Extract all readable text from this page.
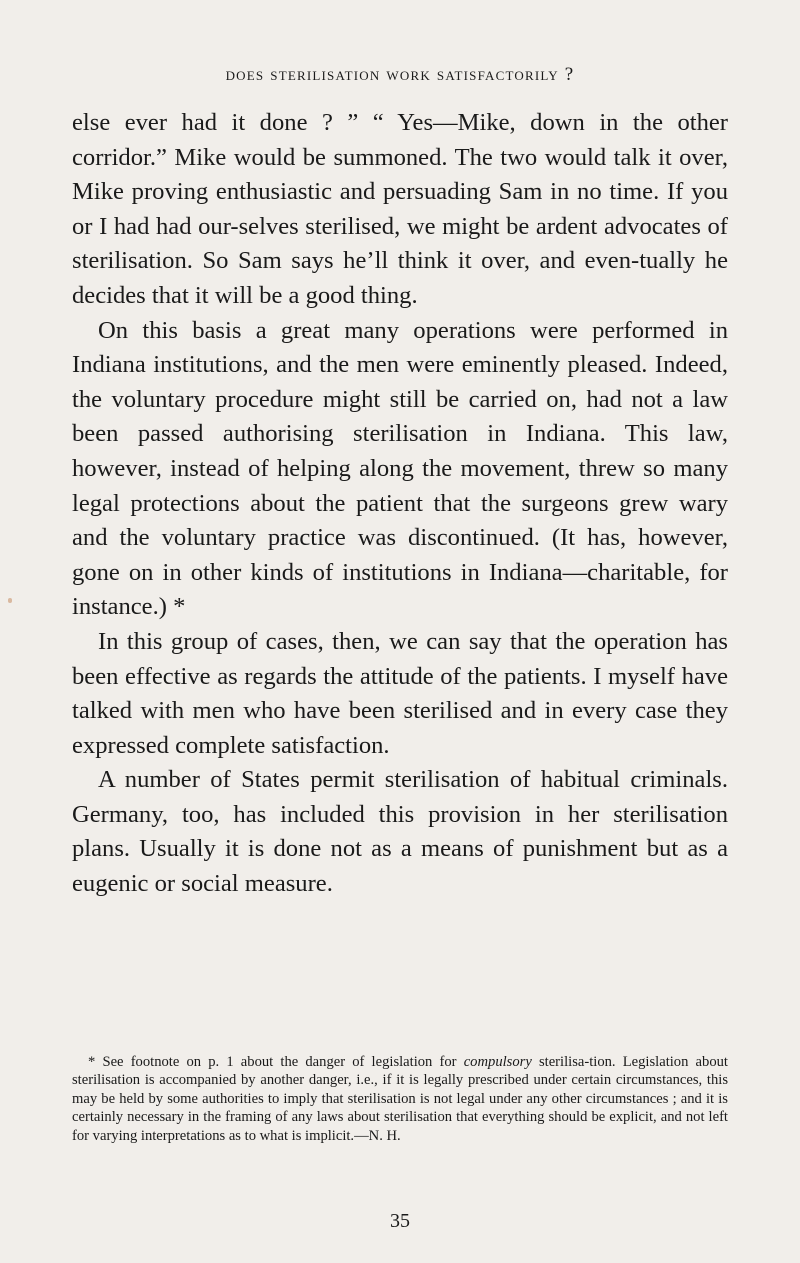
does sterilisation work satisfactorily ?

else ever had it done ? ” “ Yes—Mike, down in the other corridor.” Mike would be summoned. The two would talk it over, Mike proving enthusiastic and persuading Sam in no time. If you or I had had our-selves sterilised, we might be ardent advocates of sterilisation. So Sam says he’ll think it over, and even-tually he decides that it will be a good thing.

On this basis a great many operations were performed in Indiana institutions, and the men were eminently pleased. Indeed, the voluntary procedure might still be carried on, had not a law been passed authorising sterilisation in Indiana. This law, however, instead of helping along the movement, threw so many legal protections about the patient that the surgeons grew wary and the voluntary practice was discontinued. (It has, however, gone on in other kinds of institutions in Indiana—charitable, for instance.) *

In this group of cases, then, we can say that the operation has been effective as regards the attitude of the patients. I myself have talked with men who have been sterilised and in every case they expressed complete satisfaction.

A number of States permit sterilisation of habitual criminals. Germany, too, has included this provision in her sterilisation plans. Usually it is done not as a means of punishment but as a eugenic or social measure.

* See footnote on p. 1 about the danger of legislation for compulsory sterilisa-tion. Legislation about sterilisation is accompanied by another danger, i.e., if it is legally prescribed under certain circumstances, this may be held by some authorities to imply that sterilisation is not legal under any other circumstances ; and it is certainly necessary in the framing of any laws about sterilisation that everything should be explicit, and not left for varying interpretations as to what is implicit.—N. H.

35
